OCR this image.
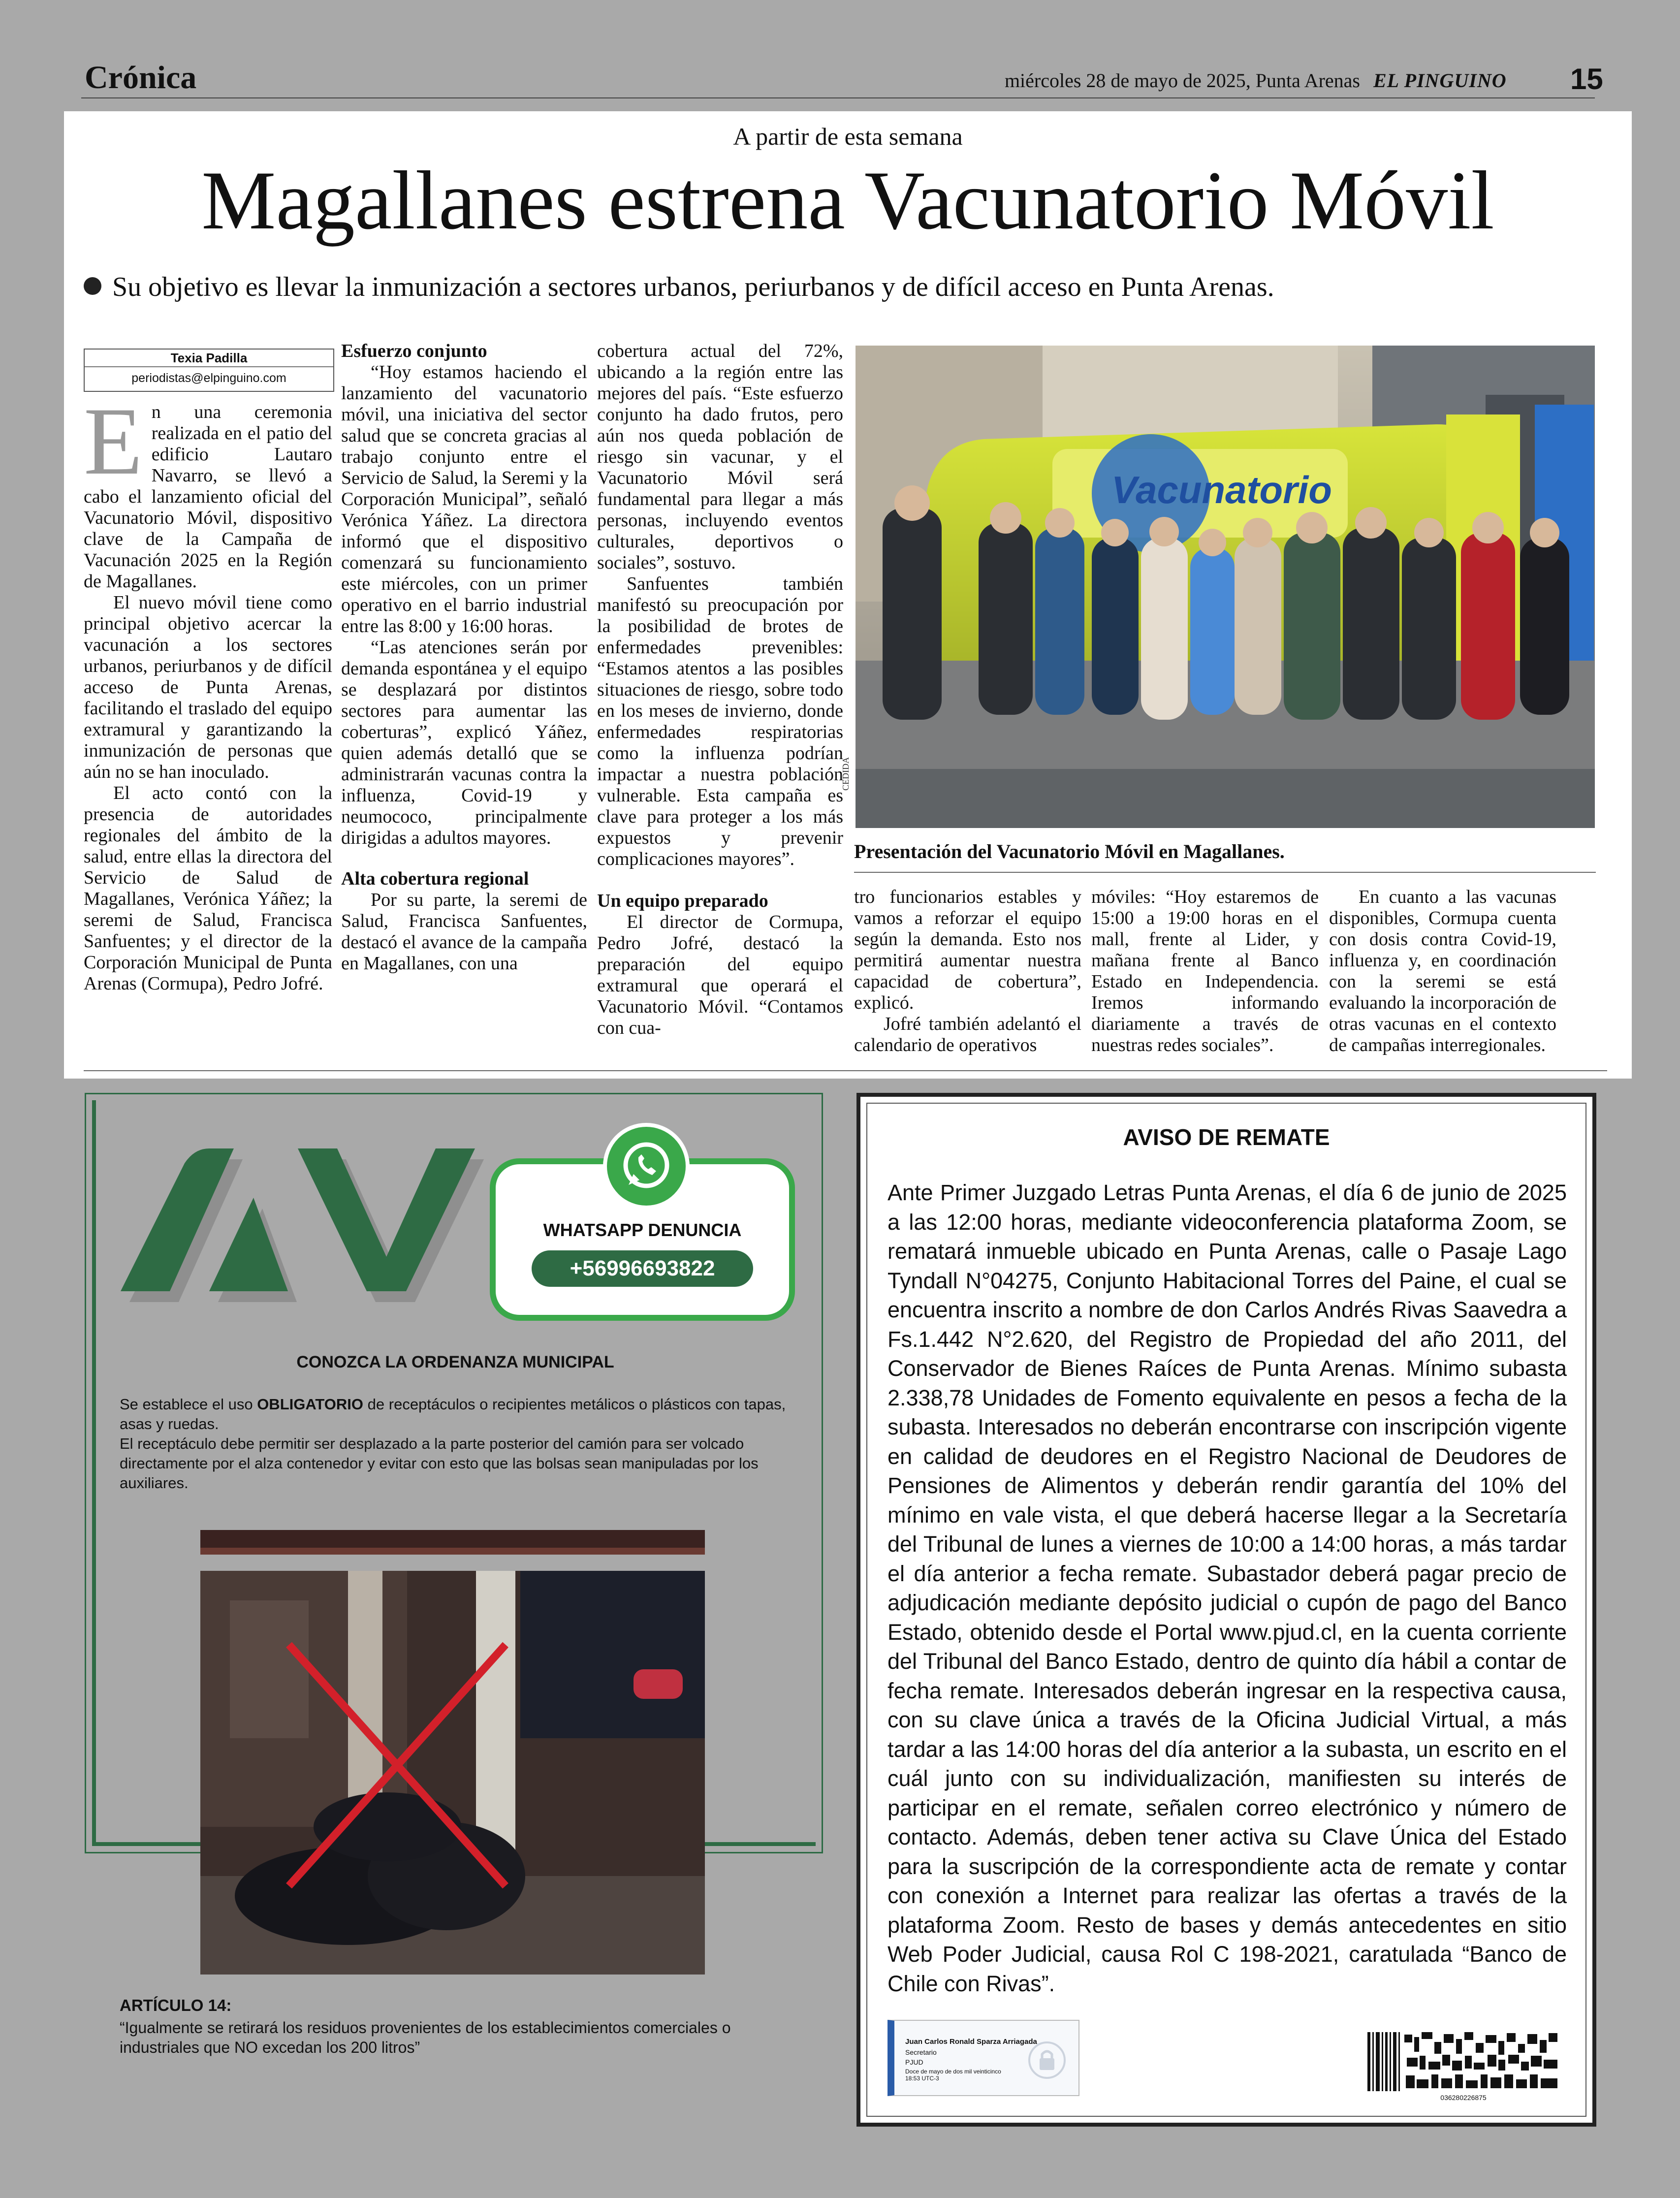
Crónica	miércoles 28 de mayo de 2025, Punta Arenas EL PINGUINO 15
A partir de esta semana
Magallanes estrena Vacunatorio Móvil
Su objetivo es llevar la inmunización a sectores urbanos, periurbanos y de difícil acceso en Punta Arenas.
Texia Padilla
periodistas@elpinguino.com
E n una ceremonia realizada en el patio del edificio Lautaro Navarro, se llevó a cabo el lanzamiento oficial del Vacunatorio Móvil, dispositivo clave de la Campaña de Vacunación 2025 en la Región de Magallanes.

El nuevo móvil tiene como principal objetivo acercar la vacunación a los sectores urbanos, periurbanos y de difícil acceso de Punta Arenas, facilitando el traslado del equipo extramural y garantizando la inmunización de personas que aún no se han inoculado.

El acto contó con la presencia de autoridades regionales del ámbito de la salud, entre ellas la directora del Servicio de Salud de Magallanes, Verónica Yáñez; la seremi de Salud, Francisca Sanfuentes; y el director de la Corporación Municipal de Punta Arenas (Cormupa), Pedro Jofré.

Esfuerzo conjunto

“Hoy estamos haciendo el lanzamiento del vacunatorio móvil, una iniciativa del sector salud que se concreta gracias al trabajo conjunto entre el Servicio de Salud, la Seremi y la Corporación Municipal”, señaló Verónica Yáñez. La directora informó que el dispositivo comenzará su funcionamiento este miércoles, con un primer operativo en el barrio industrial entre las 8:00 y 16:00 horas.

“Las atenciones serán por demanda espontánea y el equipo se desplazará por distintos sectores para aumentar las coberturas”, explicó Yáñez, quien además detalló que se administrarán vacunas contra la influenza, Covid-19 y neumococo, principalmente dirigidas a adultos mayores.

Alta cobertura regional

Por su parte, la seremi de Salud, Francisca Sanfuentes, destacó el avance de la campaña en Magallanes, con una

cobertura actual del 72%, ubicando a la región entre las mejores del país. “Este esfuerzo conjunto ha dado frutos, pero aún nos queda población de riesgo sin vacunar, y el Vacunatorio Móvil será fundamental para llegar a más personas, incluyendo eventos culturales, deportivos o sociales”, sostuvo.

Sanfuentes también manifestó su preocupación por la posibilidad de brotes de enfermedades prevenibles: “Estamos atentos a las posibles situaciones de riesgo, sobre todo en los meses de invierno, donde enfermedades respiratorias como la influenza podrían impactar a nuestra población vulnerable. Esta campaña es clave para proteger a los más expuestos y prevenir complicaciones mayores”.

Un equipo preparado

El director de Cormupa, Pedro Jofré, destacó la preparación del equipo extramural que operará el Vacunatorio Móvil. “Contamos con cua-

Vacunatorio
CEDIDA
Presentación del Vacunatorio Móvil en Magallanes.

tro funcionarios estables y vamos a reforzar el equipo según la demanda. Esto nos permitirá aumentar nuestra capacidad de cobertura”, explicó.

Jofré también adelantó el calendario de operativos

móviles: “Hoy estaremos de 15:00 a 19:00 horas en el mall, frente al Lider, y mañana frente al Banco Estado en Independencia. Iremos informando diariamente a través de nuestras redes sociales”.

En cuanto a las vacunas disponibles, Cormupa cuenta con dosis contra Covid-19, influenza y, en coordinación con la seremi se está evaluando la incorporación de otras vacunas en el contexto de campañas interregionales.

WHATSAPP DENUNCIA
+56996693822
CONOZCA LA ORDENANZA MUNICIPAL

Se establece el uso OBLIGATORIO de receptáculos o recipientes metálicos o plásticos con tapas, asas y ruedas.

El receptáculo debe permitir ser desplazado a la parte posterior del camión para ser volcado directamente por el alza contenedor y evitar con esto que las bolsas sean manipuladas por los auxiliares.

ARTÍCULO 14:
“Igualmente se retirará los residuos provenientes de los establecimientos comerciales o industriales que NO excedan los 200 litros”
AVISO DE REMATE
Ante Primer Juzgado Letras Punta Arenas, el día 6 de junio de 2025 a las 12:00 horas, mediante videoconferencia plataforma Zoom, se rematará inmueble ubicado en Punta Arenas, calle o Pasaje Lago Tyndall N°04275, Conjunto Habitacional Torres del Paine, el cual se encuentra inscrito a nombre de don Carlos Andrés Rivas Saavedra a Fs.1.442 N°2.620, del Registro de Propiedad del año 2011, del Conservador de Bienes Raíces de Punta Arenas. Mínimo subasta 2.338,78 Unidades de Fomento equivalente en pesos a fecha de la subasta. Interesados no deberán encontrarse con inscripción vigente en calidad de deudores en el Registro Nacional de Deudores de Pensiones de Alimentos y deberán rendir garantía del 10% del mínimo en vale vista, el que deberá hacerse llegar a la Secretaría del Tribunal de lunes a viernes de 10:00 a 14:00 horas, a más tardar el día anterior a fecha remate. Subastador deberá pagar precio de adjudicación mediante depósito judicial o cupón de pago del Banco Estado, obtenido desde el Portal www.pjud.cl, en la cuenta corriente del Tribunal del Banco Estado, dentro de quinto día hábil a contar de fecha remate. Interesados deberán ingresar en la respectiva causa, con su clave única a través de la Oficina Judicial Virtual, a más tardar a las 14:00 horas del día anterior a la subasta, un escrito en el cuál junto con su individualización, manifiesten su interés de participar en el remate, señalen correo electrónico y número de contacto. Además, deben tener activa su Clave Única del Estado para la suscripción de la correspondiente acta de remate y contar con conexión a Internet para realizar las ofertas a través de la plataforma Zoom. Resto de bases y demás antecedentes en sitio Web Poder Judicial, causa Rol C 198-2021, caratulada “Banco de Chile con Rivas”.
Juan Carlos Ronald Sparza Arriagada
Secretario
PJUD
Doce de mayo de dos mil veinticinco 18:53 UTC-3
036280226875
